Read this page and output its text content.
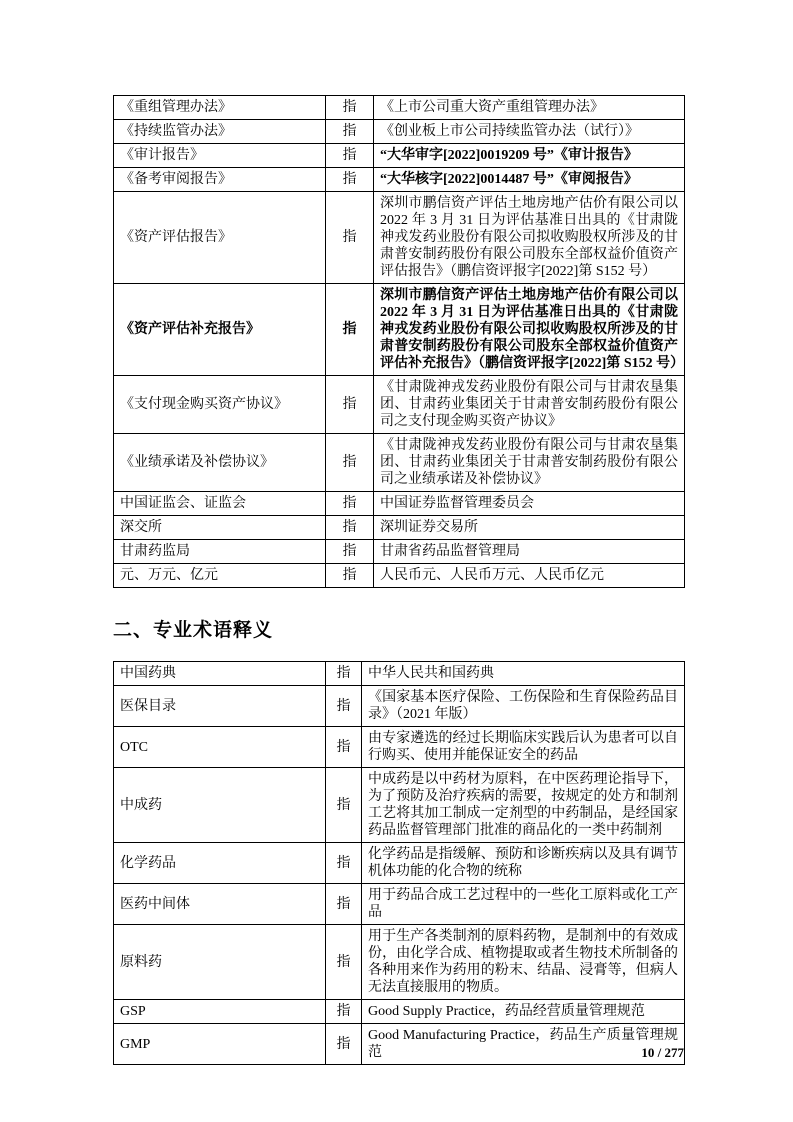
《重组管理办法》	指	《上市公司重大资产重组管理办法》
《持续监管办法》	指	《创业板上市公司持续监管办法（试行）》
《审计报告》	指	“大华审字[2022]0019209 号”《审计报告》
《备考审阅报告》	指	“大华核字[2022]0014487 号”《审阅报告》
《资产评估报告》	指	深圳市鹏信资产评估土地房地产估价有限公司以 2022 年 3 月 31 日为评估基准日出具的《甘肃陇神戎发药业股份有限公司拟收购股权所涉及的甘肃普安制药股份有限公司股东全部权益价值资产评估报告》（鹏信资评报字[2022]第 S152 号）
《资产评估补充报告》	指	深圳市鹏信资产评估土地房地产估价有限公司以 2022 年 3 月 31 日为评估基准日出具的《甘肃陇神戎发药业股份有限公司拟收购股权所涉及的甘肃普安制药股份有限公司股东全部权益价值资产评估补充报告》（鹏信资评报字[2022]第 S152 号）
《支付现金购买资产协议》	指	《甘肃陇神戎发药业股份有限公司与甘肃农垦集团、甘肃药业集团关于甘肃普安制药股份有限公司之支付现金购买资产协议》
《业绩承诺及补偿协议》	指	《甘肃陇神戎发药业股份有限公司与甘肃农垦集团、甘肃药业集团关于甘肃普安制药股份有限公司之业绩承诺及补偿协议》
中国证监会、证监会	指	中国证券监督管理委员会
深交所	指	深圳证券交易所
甘肃药监局	指	甘肃省药品监督管理局
元、万元、亿元	指	人民币元、人民币万元、人民币亿元
二、专业术语释义
中国药典	指	中华人民共和国药典
医保目录	指	《国家基本医疗保险、工伤保险和生育保险药品目录》（2021 年版）
OTC	指	由专家遴选的经过长期临床实践后认为患者可以自行购买、使用并能保证安全的药品
中成药	指	中成药是以中药材为原料，在中医药理论指导下，为了预防及治疗疾病的需要，按规定的处方和制剂工艺将其加工制成一定剂型的中药制品，是经国家药品监督管理部门批准的商品化的一类中药制剂
化学药品	指	化学药品是指缓解、预防和诊断疾病以及具有调节机体功能的化合物的统称
医药中间体	指	用于药品合成工艺过程中的一些化工原料或化工产品
原料药	指	用于生产各类制剂的原料药物，是制剂中的有效成份，由化学合成、植物提取或者生物技术所制备的各种用来作为药用的粉末、结晶、浸膏等，但病人无法直接服用的物质。
GSP	指	Good Supply Practice，药品经营质量管理规范
GMP	指	Good Manufacturing Practice，药品生产质量管理规范	10 / 277
